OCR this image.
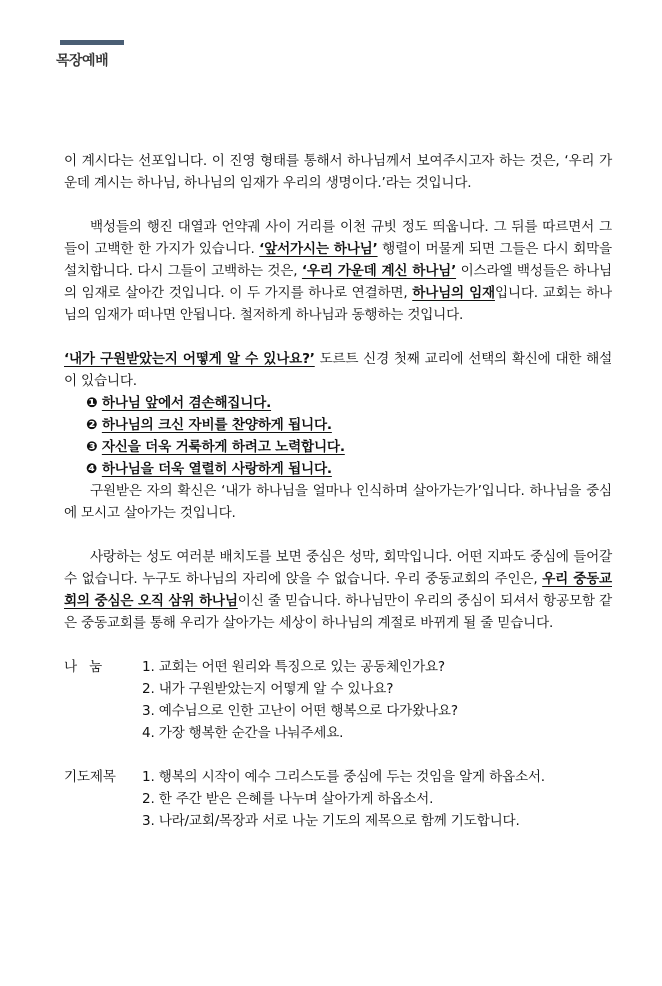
목장예배

이 계시다는 선포입니다. 이 진영 형태를 통해서 하나님께서 보여주시고자 하는 것은, ‘우리 가운데 계시는 하나님, 하나님의 임재가 우리의 생명이다.’라는 것입니다.

백성들의 행진 대열과 언약궤 사이 거리를 이천 규빗 정도 띄웁니다. 그 뒤를 따르면서 그들이 고백한 한 가지가 있습니다. ‘앞서가시는 하나님’ 행렬이 머물게 되면 그들은 다시 회막을 설치합니다. 다시 그들이 고백하는 것은, ‘우리 가운데 계신 하나님’ 이스라엘 백성들은 하나님의 임재로 살아간 것입니다. 이 두 가지를 하나로 연결하면, 하나님의 임재입니다. 교회는 하나님의 임재가 떠나면 안됩니다. 철저하게 하나님과 동행하는 것입니다.

‘내가 구원받았는지 어떻게 알 수 있나요?’ 도르트 신경 첫째 교리에 선택의 확신에 대한 해설이 있습니다.

❶ 하나님 앞에서 겸손해집니다.
❷ 하나님의 크신 자비를 찬양하게 됩니다.
❸ 자신을 더욱 거룩하게 하려고 노력합니다.
❹ 하나님을 더욱 열렬히 사랑하게 됩니다.

구원받은 자의 확신은 ‘내가 하나님을 얼마나 인식하며 살아가는가’입니다. 하나님을 중심에 모시고 살아가는 것입니다.

사랑하는 성도 여러분 배치도를 보면 중심은 성막, 회막입니다. 어떤 지파도 중심에 들어갈 수 없습니다. 누구도 하나님의 자리에 앉을 수 없습니다. 우리 중동교회의 주인은, 우리 중동교회의 중심은 오직 삼위 하나님이신 줄 믿습니다. 하나님만이 우리의 중심이 되셔서 항공모함 같은 중동교회를 통해 우리가 살아가는 세상이 하나님의 계절로 바뀌게 될 줄 믿습니다.

나 눔	1. 교회는 어떤 원리와 특징으로 있는 공동체인가요?
2. 내가 구원받았는지 어떻게 알 수 있나요?
3. 예수님으로 인한 고난이 어떤 행복으로 다가왔나요?
4. 가장 행복한 순간을 나눠주세요.
기도제목	1. 행복의 시작이 예수 그리스도를 중심에 두는 것임을 알게 하옵소서.
2. 한 주간 받은 은혜를 나누며 살아가게 하옵소서.
3. 나라/교회/목장과 서로 나눈 기도의 제목으로 함께 기도합니다.
